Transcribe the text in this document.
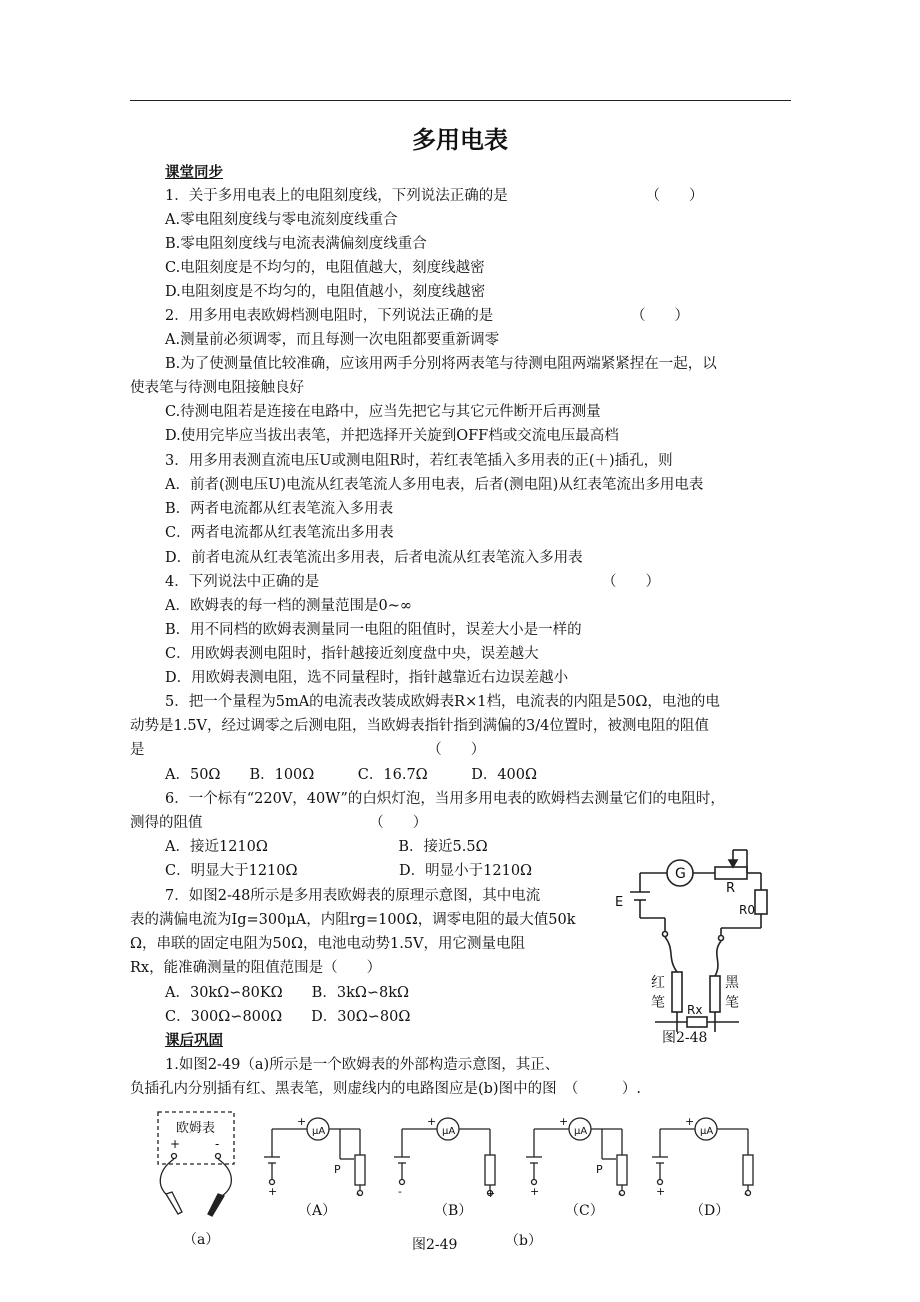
多用电表
课堂同步
1．关于多用电表上的电阻刻度线，下列说法正确的是　　　　　　　　　　（　　）
A.零电阻刻度线与零电流刻度线重合
B.零电阻刻度线与电流表满偏刻度线重合
C.电阻刻度是不均匀的，电阻值越大，刻度线越密
D.电阻刻度是不均匀的，电阻值越小，刻度线越密
2．用多用电表欧姆档测电阻时，下列说法正确的是　　　　　　　　　　（　　）
A.测量前必须调零，而且每测一次电阻都要重新调零
B.为了使测量值比较准确，应该用两手分别将两表笔与待测电阻两端紧紧捏在一起，以
使表笔与待测电阻接触良好
C.待测电阻若是连接在电路中，应当先把它与其它元件断开后再测量
D.使用完毕应当拔出表笔，并把选择开关旋到OFF档或交流电压最高档
3．用多用表测直流电压U或测电阻R时，若红表笔插入多用表的正(＋)插孔，则
A．前者(测电压U)电流从红表笔流人多用电表，后者(测电阻)从红表笔流出多用电表
B．两者电流都从红表笔流入多用表
C．两者电流都从红表笔流出多用表
D．前者电流从红表笔流出多用表，后者电流从红表笔流入多用表
4．下列说法中正确的是　　　　　　　　　　　　　　　　　　　　（　　）
A．欧姆表的每一档的测量范围是0~∞
B．用不同档的欧姆表测量同一电阻的阻值时，误差大小是一样的
C．用欧姆表测电阻时，指针越接近刻度盘中央，误差越大
D．用欧姆表测电阻，选不同量程时，指针越靠近右边误差越小
5．把一个量程为5mA的电流表改装成欧姆表R×1档，电流表的内阻是50Ω，电池的电
动势是1.5V，经过调零之后测电阻，当欧姆表指针指到满偏的3/4位置时，被测电阻的阻值
是　　　　　　　　　　　　　　　　　　　　（　　）
A．50Ω　　B．100Ω　　　C．16.7Ω　　　D．400Ω
6．一个标有“220V，40W”的白炽灯泡，当用多用电表的欧姆档去测量它们的电阻时，
测得的阻值　　　　　　　　　　　　（　　）
A．接近1210Ω　　　　　　　　　B．接近5.5Ω
C．明显大于1210Ω　　　　　　　D．明显小于1210Ω
7．如图2-48所示是多用表欧姆表的原理示意图，其中电流
表的满偏电流为Ig=300μA，内阻rg=100Ω，调零电阻的最大值50k
Ω，串联的固定电阻为50Ω，电池电动势1.5V，用它测量电阻
Rx，能准确测量的阻值范围是（　　）
A．30kΩ∽80KΩ　　B．3kΩ∽8kΩ
C．300Ω∽800Ω　　D．30Ω∽80Ω
课后巩固
1.如图2-49（a)所示是一个欧姆表的外部构造示意图，其正、
负插孔内分别插有红、黑表笔，则虚线内的电路图应是(b)图中的图　（　　　）.
G
R
R0
E
红
笔
黑
笔
Rx
图2-48
欧姆表
+	-
（a）
μA
+
+	-
P
μA
+
-	+
μA
+
+	-
P
μA
+
+	-
（A）	（B）	（C）	（D）
图2-49	（b）
